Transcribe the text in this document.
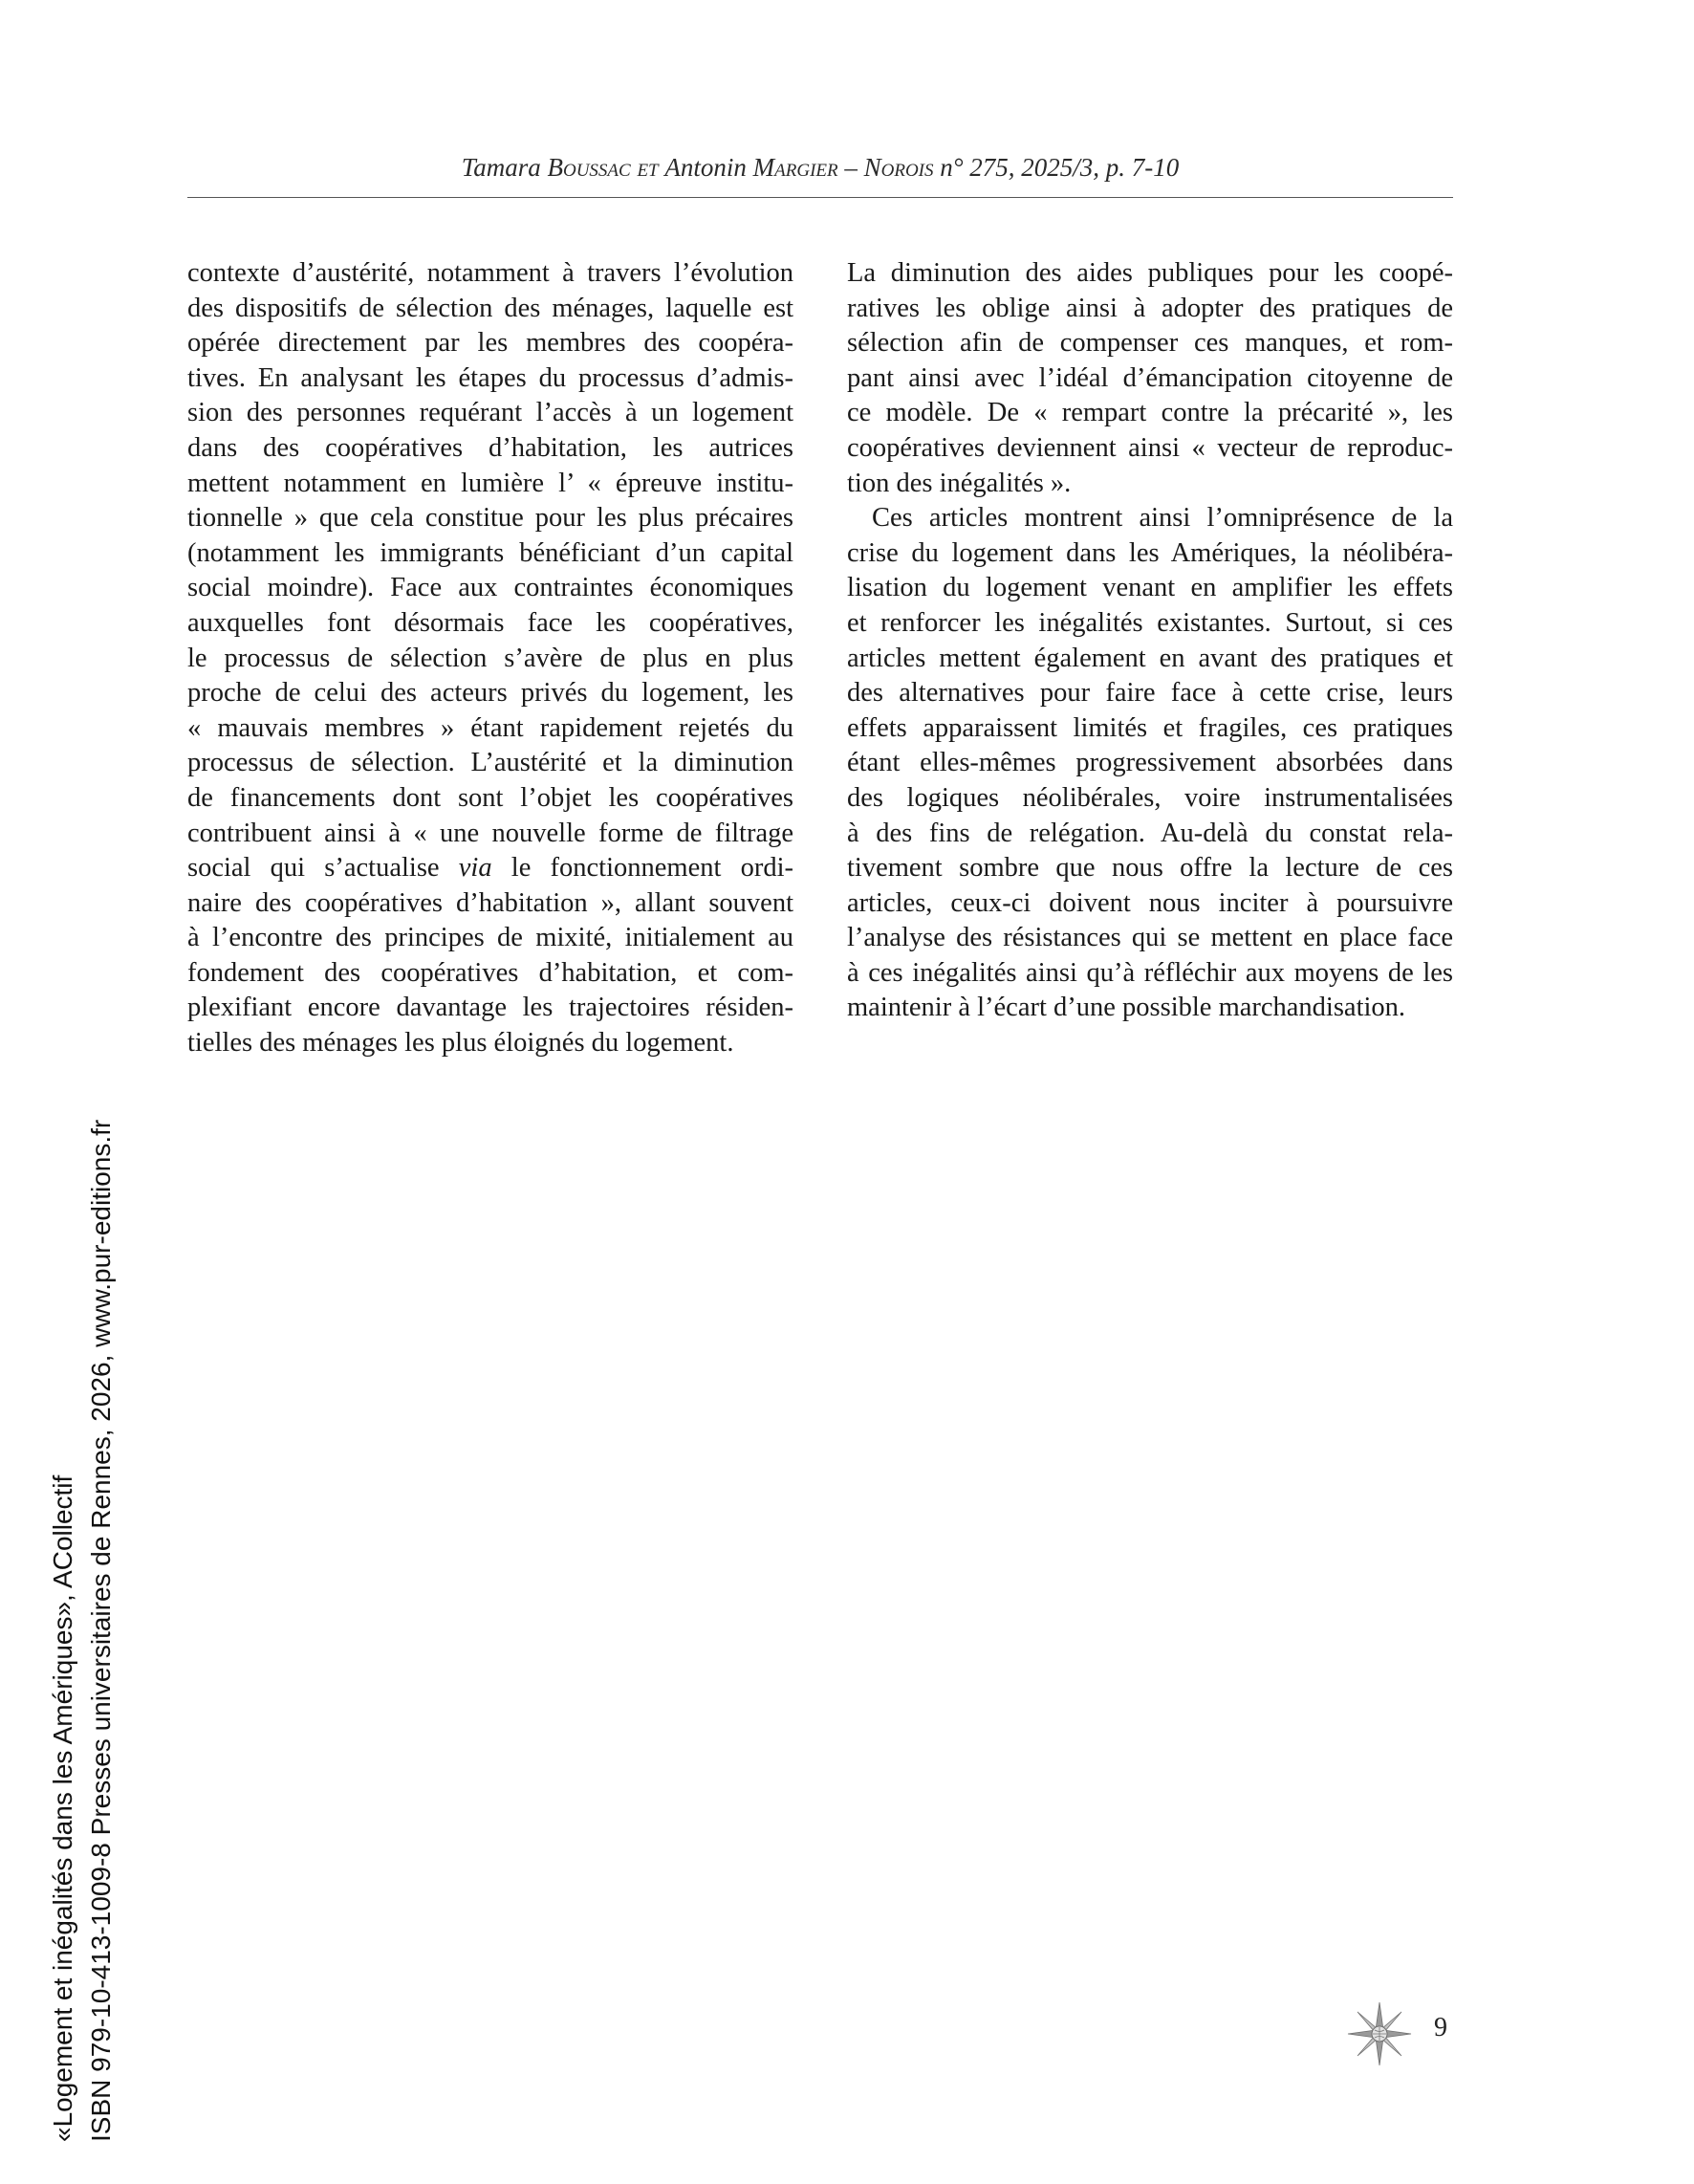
Tamara Boussac et Antonin Margier – Norois n° 275, 2025/3, p. 7-10

contexte d’austérité, notamment à travers l’évolution
des dispositifs de sélection des ménages, laquelle est
opérée directement par les membres des coopéra-
tives. En analysant les étapes du processus d’admis-
sion des personnes requérant l’accès à un logement
dans des coopératives d’habitation, les autrices
mettent notamment en lumière l’ « épreuve institu-
tionnelle » que cela constitue pour les plus précaires
(notamment les immigrants bénéficiant d’un capital
social moindre). Face aux contraintes économiques
auxquelles font désormais face les coopératives,
le processus de sélection s’avère de plus en plus
proche de celui des acteurs privés du logement, les
« mauvais membres » étant rapidement rejetés du
processus de sélection. L’austérité et la diminution
de financements dont sont l’objet les coopératives
contribuent ainsi à « une nouvelle forme de filtrage
social qui s’actualise via le fonctionnement ordi-
naire des coopératives d’habitation », allant souvent
à l’encontre des principes de mixité, initialement au
fondement des coopératives d’habitation, et com-
plexifiant encore davantage les trajectoires résiden-
tielles des ménages les plus éloignés du logement.

La diminution des aides publiques pour les coopé-
ratives les oblige ainsi à adopter des pratiques de
sélection afin de compenser ces manques, et rom-
pant ainsi avec l’idéal d’émancipation citoyenne de
ce modèle. De « rempart contre la précarité », les
coopératives deviennent ainsi « vecteur de reproduc-
tion des inégalités ».

Ces articles montrent ainsi l’omniprésence de la

crise du logement dans les Amériques, la néolibéra-
lisation du logement venant en amplifier les effets
et renforcer les inégalités existantes. Surtout, si ces
articles mettent également en avant des pratiques et
des alternatives pour faire face à cette crise, leurs
effets apparaissent limités et fragiles, ces pratiques
étant elles-mêmes progressivement absorbées dans
des logiques néolibérales, voire instrumentalisées
à des fins de relégation. Au-delà du constat rela-
tivement sombre que nous offre la lecture de ces
articles, ceux-ci doivent nous inciter à poursuivre
l’analyse des résistances qui se mettent en place face
à ces inégalités ainsi qu’à réfléchir aux moyens de les
maintenir à l’écart d’une possible marchandisation.

«Logement et inégalités dans les Amériques», ACollectif ISBN 979-10-413-1009-8 Presses universitaires de Rennes, 2026, www.pur-editions.fr	9
